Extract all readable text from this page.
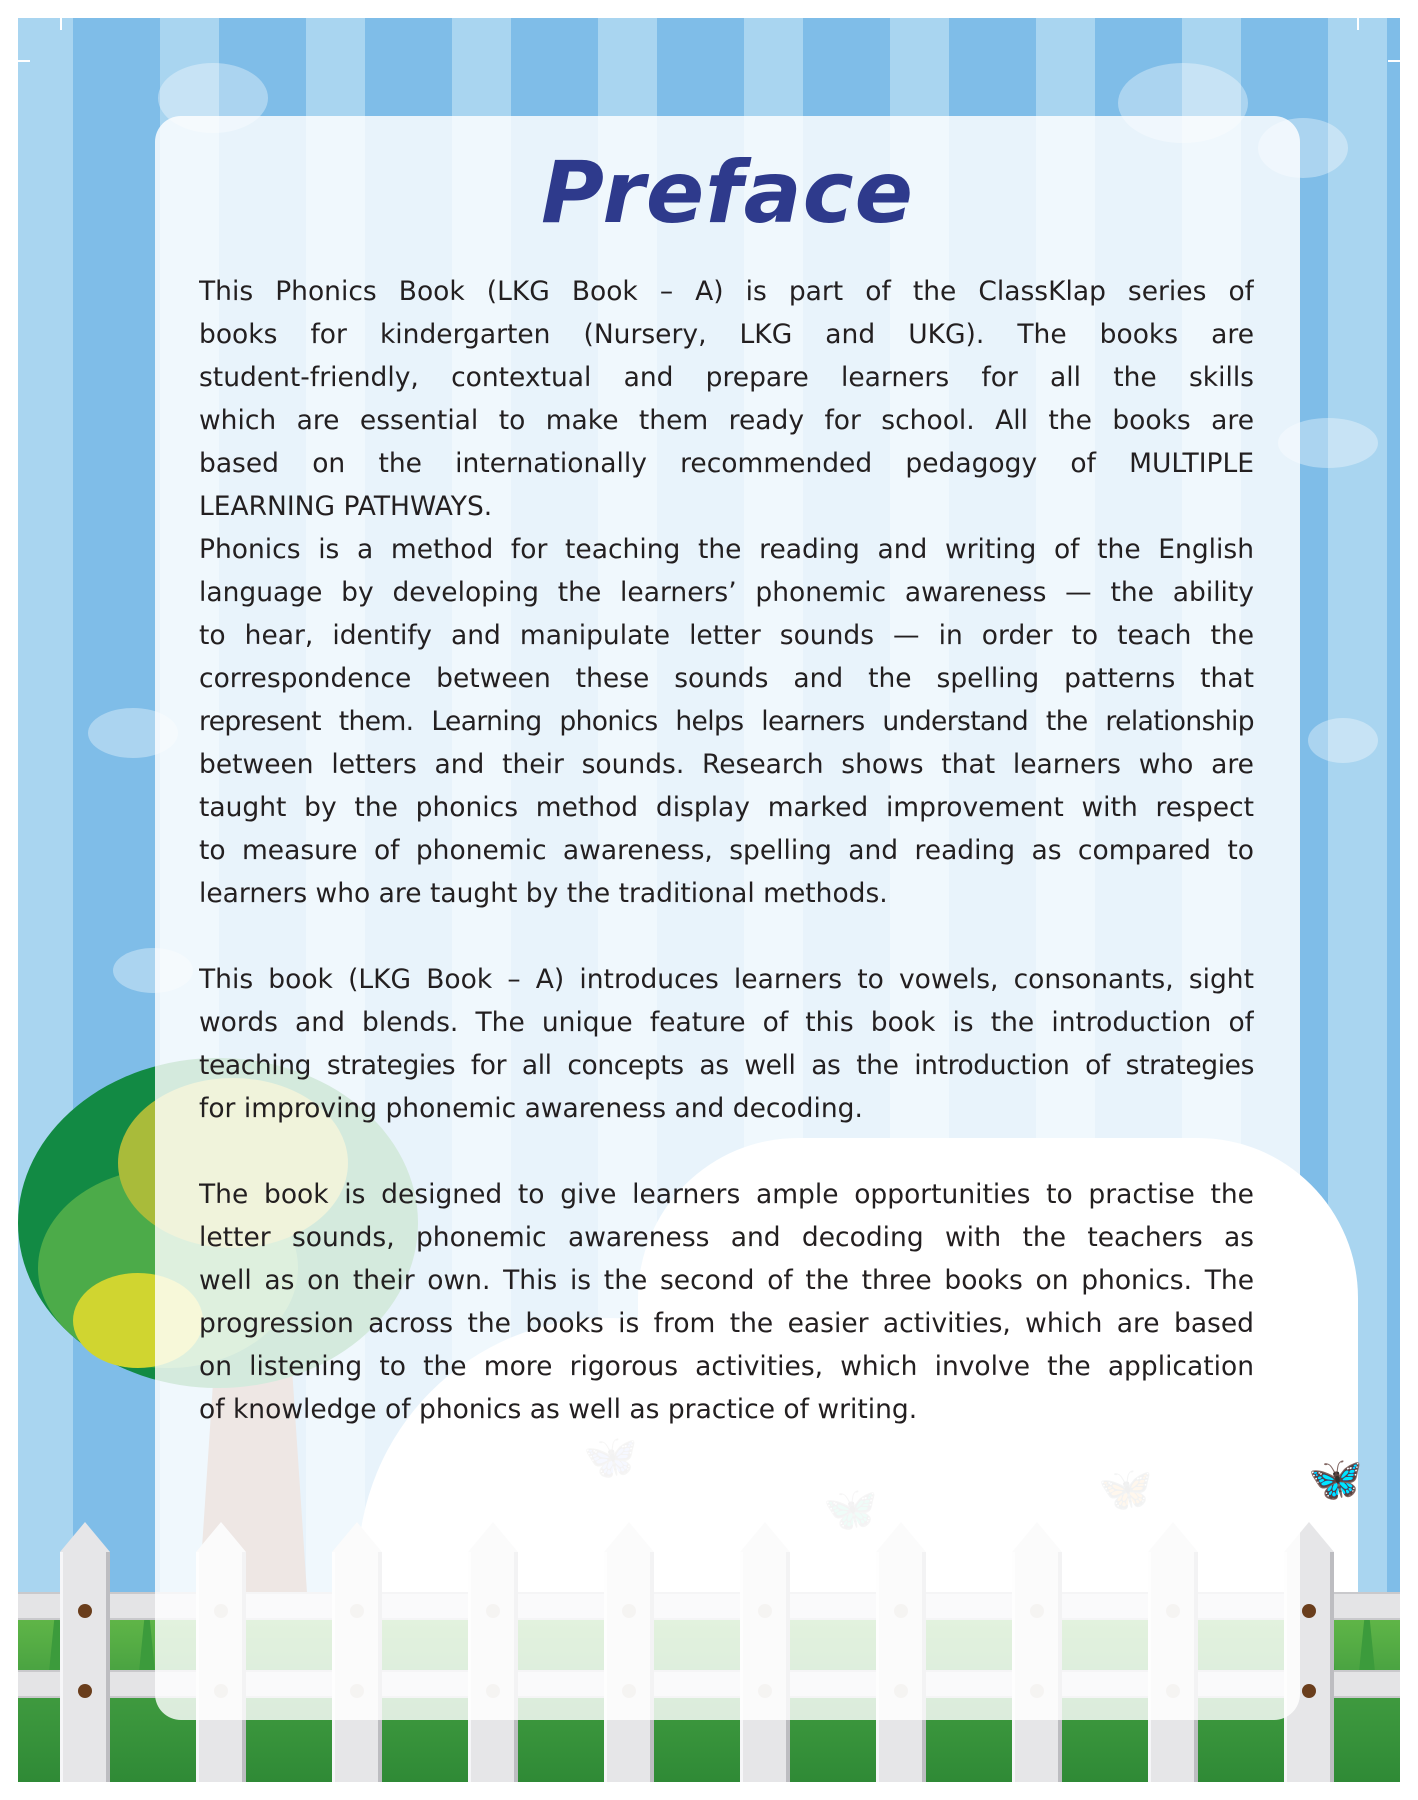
🦋
Preface
This Phonics Book (LKG Book – A) is part of the ClassKlap series of
books for kindergarten (Nursery, LKG and UKG). The books are
student-friendly, contextual and prepare learners for all the skills
which are essential to make them ready for school. All the books are
based on the internationally recommended pedagogy of MULTIPLE
LEARNING PATHWAYS.
Phonics is a method for teaching the reading and writing of the English
language by developing the learners’ phonemic awareness — the ability
to hear, identify and manipulate letter sounds — in order to teach the
correspondence between these sounds and the spelling patterns that
represent them. Learning phonics helps learners understand the relationship
between letters and their sounds. Research shows that learners who are
taught by the phonics method display marked improvement with respect
to measure of phonemic awareness, spelling and reading as compared to
learners who are taught by the traditional methods.
This book (LKG Book – A) introduces learners to vowels, consonants, sight
words and blends. The unique feature of this book is the introduction of
teaching strategies for all concepts as well as the introduction of strategies
for improving phonemic awareness and decoding.
The book is designed to give learners ample opportunities to practise the
letter sounds, phonemic awareness and decoding with the teachers as
well as on their own. This is the second of the three books on phonics. The
progression across the books is from the easier activities, which are based
on listening to the more rigorous activities, which involve the application
of knowledge of phonics as well as practice of writing.
